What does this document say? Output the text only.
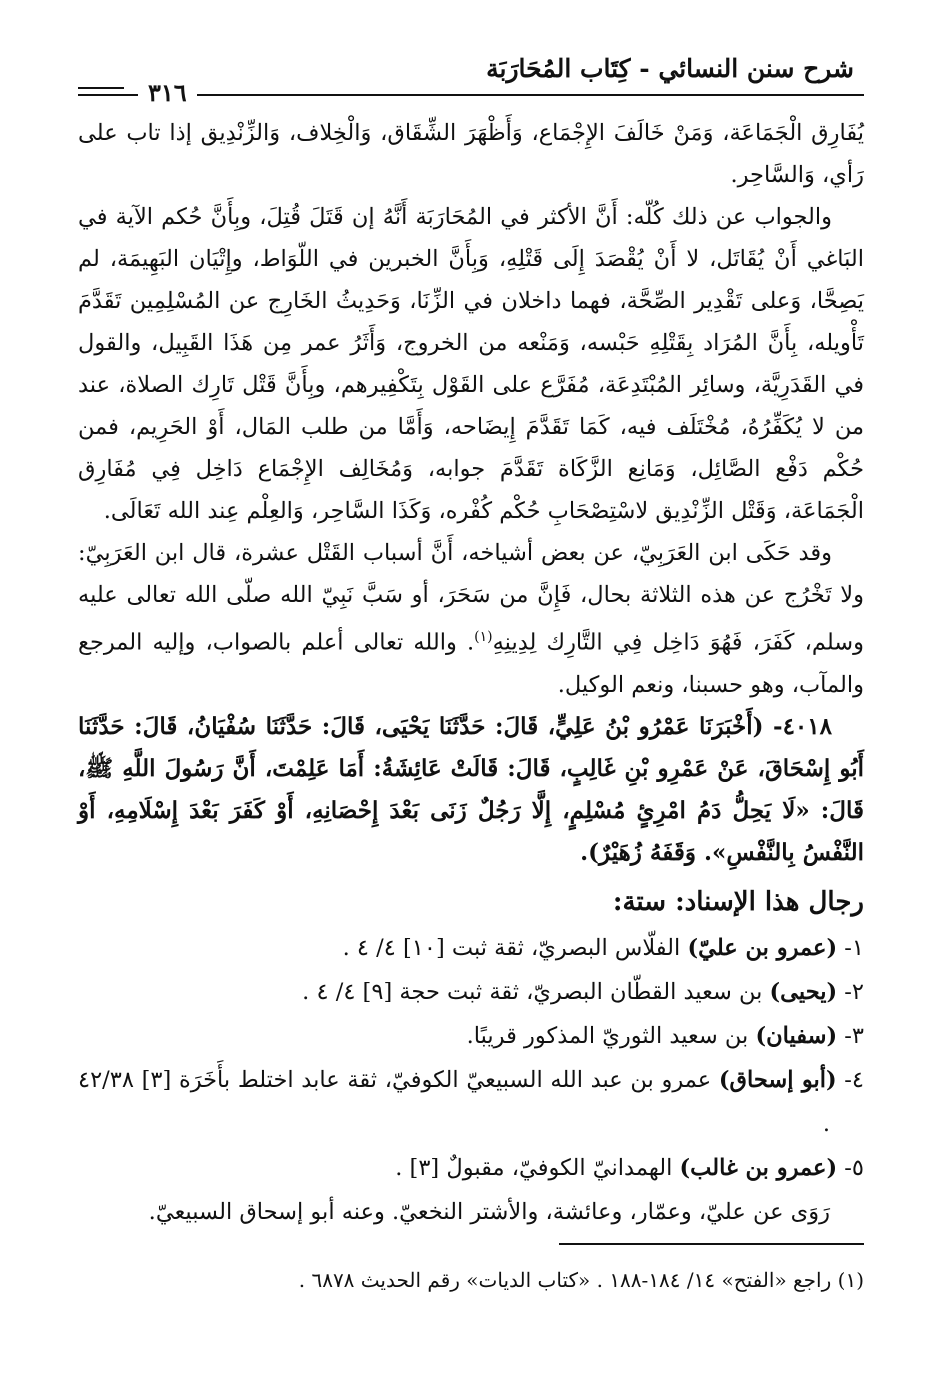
شرح سنن النسائي - كِتَاب المُحَارَبَة
٣١٦

يُفَارِق الْجَمَاعَة، وَمَنْ خَالَفَ الإِجْمَاع، وَأَظْهَرَ الشِّقَاق، وَالْخِلاف، وَالزِّنْدِيق إذا تاب على رَأي، وَالسَّاحِر.

والجواب عن ذلك كُلّه: أَنَّ الأكثر في المُحَارَبَة أَنَّهُ إن قَتَلَ قُتِلَ، وبِأَنَّ حُكم الآية في البَاغي أَنْ يُقَاتَل، لا أَنْ يُقْصَدَ إِلَى قَتْلِهِ، وَبِأَنَّ الخبرين في اللّوَاط، وإِتْيَان البَهِيمَة، لم يَصِحَّا، وَعلى تَقْدِير الصِّحَّة، فهما داخلان في الزِّنَا، وَحَدِيثُ الخَارِج عن المُسْلِمِين تَقَدَّمَ تَأْويله، بِأَنَّ المُرَاد بِقَتْلِهِ حَبْسه، وَمَنْعه من الخروج، وَأَثَرُ عمر مِن هَذَا القَبِيل، والقول في القَدَرِيَّة، وسائِر المُبْتَدِعَة، مُفَرَّع على القَوْل بِتَكْفِيرهم، وبِأَنَّ قَتْل تَارِك الصلاة، عند من لا يُكَفِّرُهُ، مُخْتَلَف فيه، كَمَا تَقَدَّمَ إِيضَاحه، وَأَمَّا من طلب المَال، أَوْ الحَرِيم، فمن حُكْم دَفْع الصَّائِل، وَمَانِع الزَّكَاة تَقَدَّمَ جوابه، وَمُخَالِف الإِجْمَاع دَاخِل فِي مُفَارِق الْجَمَاعَة، وَقَتْل الزِّنْدِيق لاسْتِصْحَابِ حُكْم كُفْره، وَكَذَا السَّاحِر، وَالعِلْم عِند الله تَعَالَى.

وقد حَكَى ابن العَرَبِيّ، عن بعض أشياخه، أَنَّ أسباب القَتْل عشرة، قال ابن العَرَبِيّ: ولا تَخْرُج عن هذه الثلاثة بحال، فَإِنَّ من سَحَرَ، أو سَبَّ نَبِيّ الله صلّى الله تعالى عليه وسلم، كَفَرَ، فَهُوَ دَاخِل فِي التَّارِك لِدِينِهِ$^{(١)}$. والله تعالى أعلم بالصواب، وإليه المرجع والمآب، وهو حسبنا، ونعم الوكيل.

٤٠١٨- (أَخْبَرَنَا عَمْرُو بْنُ عَلِيٍّ، قَالَ: حَدَّثَنَا يَحْيَى، قَالَ: حَدَّثَنَا سُفْيَانُ، قَالَ: حَدَّثَنَا أَبُو إِسْحَاقَ، عَنْ عَمْرِو بْنِ غَالِبٍ، قَالَ: قَالَتْ عَائِشَةُ: أَمَا عَلِمْتَ، أَنَّ رَسُولَ اللَّهِ ﷺ، قَالَ: «لَا يَحِلُّ دَمُ امْرِئٍ مُسْلِمٍ، إِلَّا رَجُلٌ زَنَى بَعْدَ إِحْصَانِهِ، أَوْ كَفَرَ بَعْدَ إِسْلَامِهِ، أَوْ النَّفْسُ بِالنَّفْسِ». وَقَفَهُ زُهَيْرٌ).

رجال هذا الإسناد: ستة:
١- (عمرو بن عليّ) الفلّاس البصريّ، ثقة ثبت [١٠] ٤/ ٤ .
٢- (يحيى) بن سعيد القطّان البصريّ، ثقة ثبت حجة [٩] ٤/ ٤ .
٣- (سفيان) بن سعيد الثوريّ المذكور قريبًا.
٤- (أبو إسحاق) عمرو بن عبد الله السبيعيّ الكوفيّ، ثقة عابد اختلط بأَخَرَة [٣] ٤٢/٣٨ .
٥- (عمرو بن غالب) الهمدانيّ الكوفيّ، مقبولٌ [٣] .
رَوَى عن عليّ، وعمّار، وعائشة، والأشتر النخعيّ. وعنه أبو إسحاق السبيعيّ.
(١) راجع «الفتح» ١٤/ ١٨٤-١٨٨ . «كتاب الديات» رقم الحديث ٦٨٧٨ .
